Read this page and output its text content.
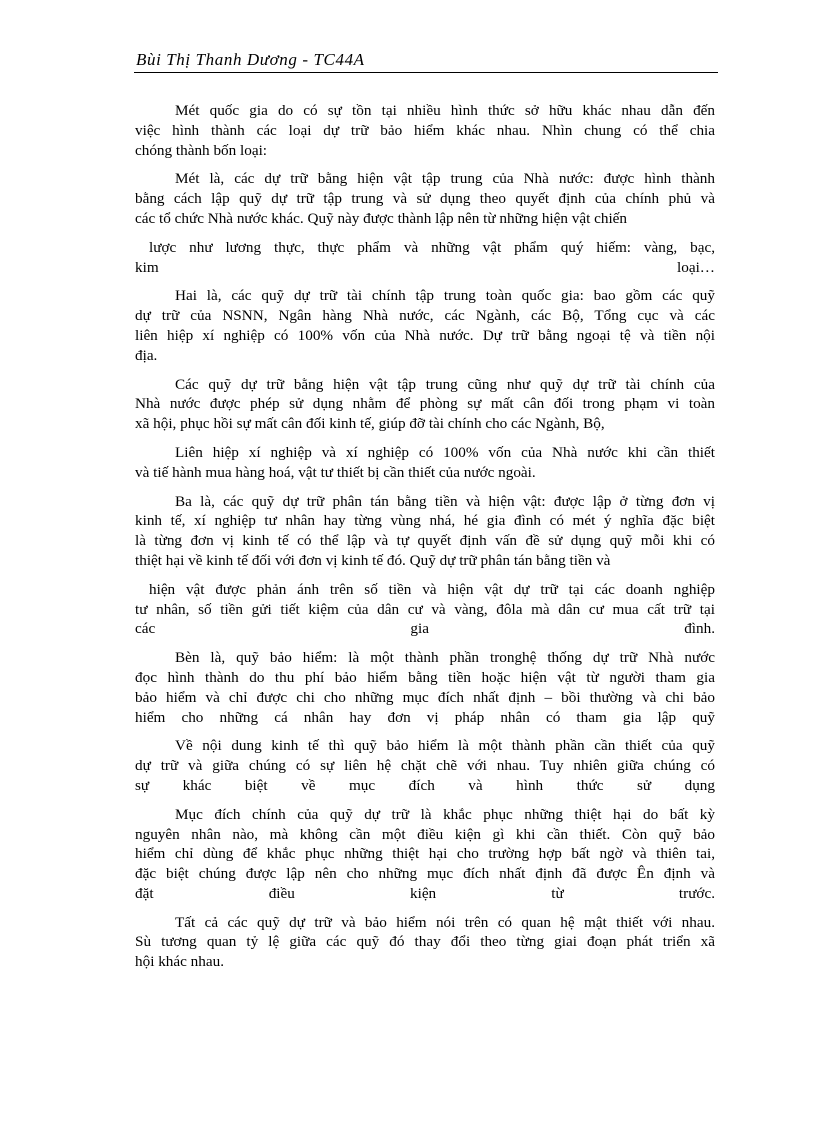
Bùi Thị Thanh Dương - TC44A
Mét quốc gia do có sự tồn tại nhiều hình thức sở hữu khác nhau dẫn đến
việc hình thành các loại dự trữ bảo hiểm khác nhau. Nhìn chung có thể chia
chóng thành bốn loại:
Mét là, các dự trữ bằng hiện vật tập trung của Nhà nước: được hình thành
bằng cách lập quỹ dự trữ tập trung và sử dụng theo quyết định của chính phủ và
các tổ chức Nhà nước khác. Quỹ này được thành lập nên từ những hiện vật chiến
lược như lương thực, thực phẩm và những vật phẩm quý hiếm: vàng, bạc,
kim loại…
Hai là, các quỹ dự trữ tài chính tập trung toàn quốc gia: bao gồm các quỹ
dự trữ của NSNN, Ngân hàng Nhà nước, các Ngành, các Bộ, Tổng cục và các
liên hiệp xí nghiệp có 100% vốn của Nhà nước. Dự trữ bằng ngoại tệ và tiền nội
địa.
Các quỹ dự trữ bằng hiện vật tập trung cũng như quỹ dự trữ tài chính của
Nhà nước được phép sử dụng nhằm để phòng sự mất cân đối trong phạm vi toàn
xã hội, phục hồi sự mất cân đối kinh tế, giúp đỡ tài chính cho các Ngành, Bộ,
Liên hiệp xí nghiệp và xí nghiệp có 100% vốn của Nhà nước khi cần thiết
và tiế hành mua hàng hoá, vật tư thiết bị cần thiết của nước ngoài.
Ba là, các quỹ dự trữ phân tán bằng tiền và hiện vật: được lập ở từng đơn vị
kinh tế, xí nghiệp tư nhân hay từng vùng nhá, hé gia đình có mét ý nghĩa đặc biệt
là từng đơn vị kinh tế có thể lập và tự quyết định vấn đề sử dụng quỹ mỗi khi có
thiệt hại về kinh tế đối với đơn vị kinh tế đó. Quỹ dự trữ phân tán bằng tiền và
hiện vật được phản ánh trên số tiền và hiện vật dự trữ tại các doanh nghiệp
tư nhân, số tiền gửi tiết kiệm của dân cư và vàng, đôla mà dân cư mua cất trữ tại
các gia đình.
Bèn là, quỹ bảo hiểm: là một thành phần tronghệ thống dự trữ Nhà nước
đọc hình thành do thu phí bảo hiểm bằng tiền hoặc hiện vật từ người tham gia
bảo hiểm và chỉ được chi cho những mục đích nhất định – bồi thường và chi bảo
hiểm cho những cá nhân hay đơn vị pháp nhân có tham gia lập quỹ
Về nội dung kinh tế thì quỹ bảo hiểm là một thành phần cần thiết của quỹ
dự trữ và giữa chúng có sự liên hệ chặt chẽ với nhau. Tuy nhiên giữa chúng có
sự khác biệt về mục đích và hình thức sử dụng
Mục đích chính của quỹ dự trữ là khắc phục những thiệt hại do bất kỳ
nguyên nhân nào, mà không cần một điều kiện gì khi cần thiết. Còn quỹ bảo
hiểm chỉ dùng để khắc phục những thiệt hại cho trường hợp bất ngờ và thiên tai,
đặc biệt chúng được lập nên cho những mục đích nhất định đã được Ên định và
đặt điều kiện từ trước.
Tất cả các quỹ dự trữ và bảo hiểm nói trên có quan hệ mật thiết với nhau.
Sù tương quan tỷ lệ giữa các quỹ đó thay đổi theo từng giai đoạn phát triển xã
hội khác nhau.
